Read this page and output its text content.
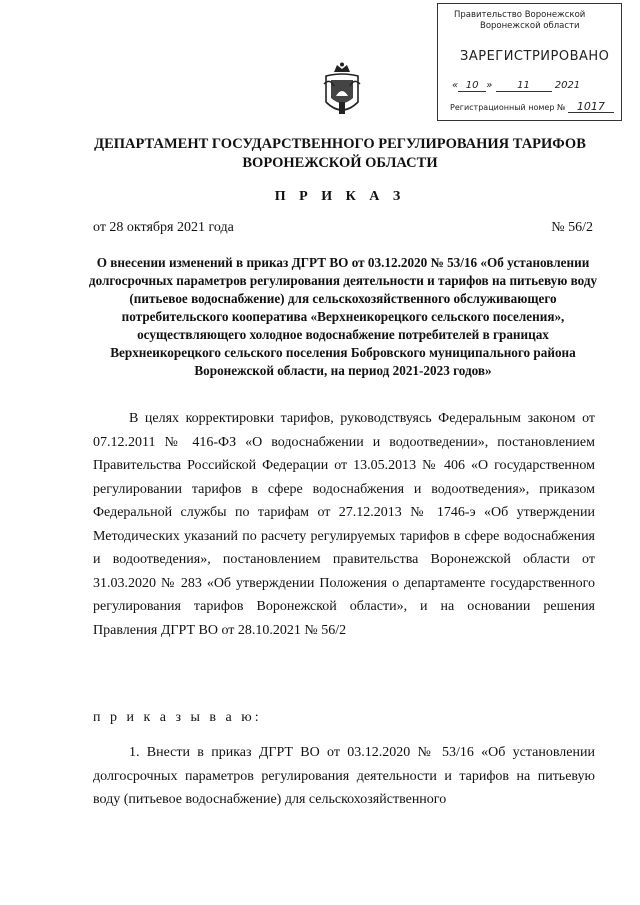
Правительство Воронежской
Воронежской области
ЗАРЕГИСТРИРОВАНО
« 10 » 11 2021
Регистрационный номер № 1017
ДЕПАРТАМЕНТ ГОСУДАРСТВЕННОГО РЕГУЛИРОВАНИЯ ТАРИФОВ ВОРОНЕЖСКОЙ ОБЛАСТИ
П Р И К А З
от 28 октября 2021 года	№ 56/2
О внесении изменений в приказ ДГРТ ВО от 03.12.2020 № 53/16 «Об установлении долгосрочных параметров регулирования деятельности и тарифов на питьевую воду (питьевое водоснабжение) для сельскохозяйственного обслуживающего потребительского кооператива «Верхнеикорецкого сельского поселения», осуществляющего холодное водоснабжение потребителей в границах Верхнеикорецкого сельского поселения Бобровского муниципального района Воронежской области, на период 2021-2023 годов»
В целях корректировки тарифов, руководствуясь Федеральным законом от 07.12.2011 № 416-ФЗ «О водоснабжении и водоотведении», постановлением Правительства Российской Федерации от 13.05.2013 № 406 «О государственном регулировании тарифов в сфере водоснабжения и водоотведения», приказом Федеральной службы по тарифам от 27.12.2013 № 1746-э «Об утверждении Методических указаний по расчету регулируемых тарифов в сфере водоснабжения и водоотведения», постановлением правительства Воронежской области от 31.03.2020 № 283 «Об утверждении Положения о департаменте государственного регулирования тарифов Воронежской области», и на основании решения Правления ДГРТ ВО от 28.10.2021 № 56/2
п р и к а з ы в а ю:
1. Внести в приказ ДГРТ ВО от 03.12.2020 № 53/16 «Об установлении долгосрочных параметров регулирования деятельности и тарифов на питьевую воду (питьевое водоснабжение) для сельскохозяйственного
